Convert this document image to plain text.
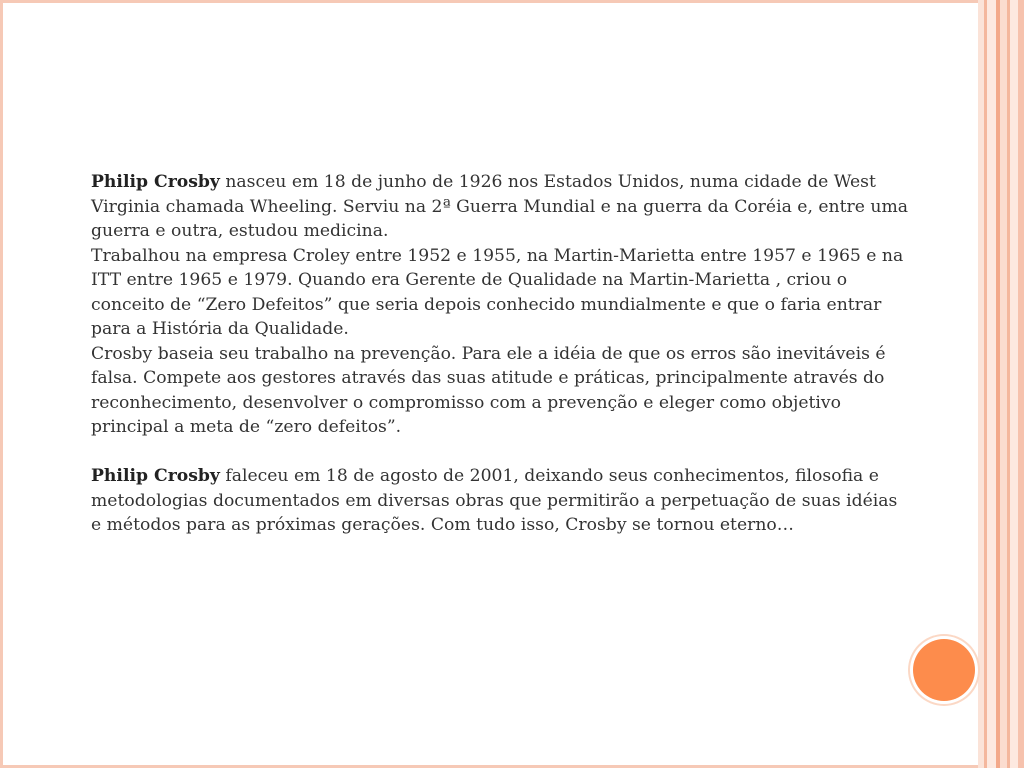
Philip Crosby nasceu em 18 de junho de 1926 nos Estados Unidos, numa cidade de West Virginia chamada Wheeling. Serviu na 2ª Guerra Mundial e na guerra da Coréia e, entre uma guerra e outra, estudou medicina.

Trabalhou na empresa Croley entre 1952 e 1955, na Martin-Marietta entre 1957 e 1965 e na ITT entre 1965 e 1979. Quando era Gerente de Qualidade na Martin-Marietta , criou o conceito de “Zero Defeitos” que seria depois conhecido mundialmente e que o faria entrar para a História da Qualidade.

Crosby baseia seu trabalho na prevenção. Para ele a idéia de que os erros são inevitáveis é falsa. Compete aos gestores através das suas atitude e práticas, principalmente através do reconhecimento, desenvolver o compromisso com a prevenção e eleger como objetivo principal a meta de “zero defeitos”.

Philip Crosby faleceu em 18 de agosto de 2001, deixando seus conhecimentos, filosofia e metodologias documentados em diversas obras que permitirão a perpetuação de suas idéias e métodos para as próximas gerações. Com tudo isso, Crosby se tornou eterno…
